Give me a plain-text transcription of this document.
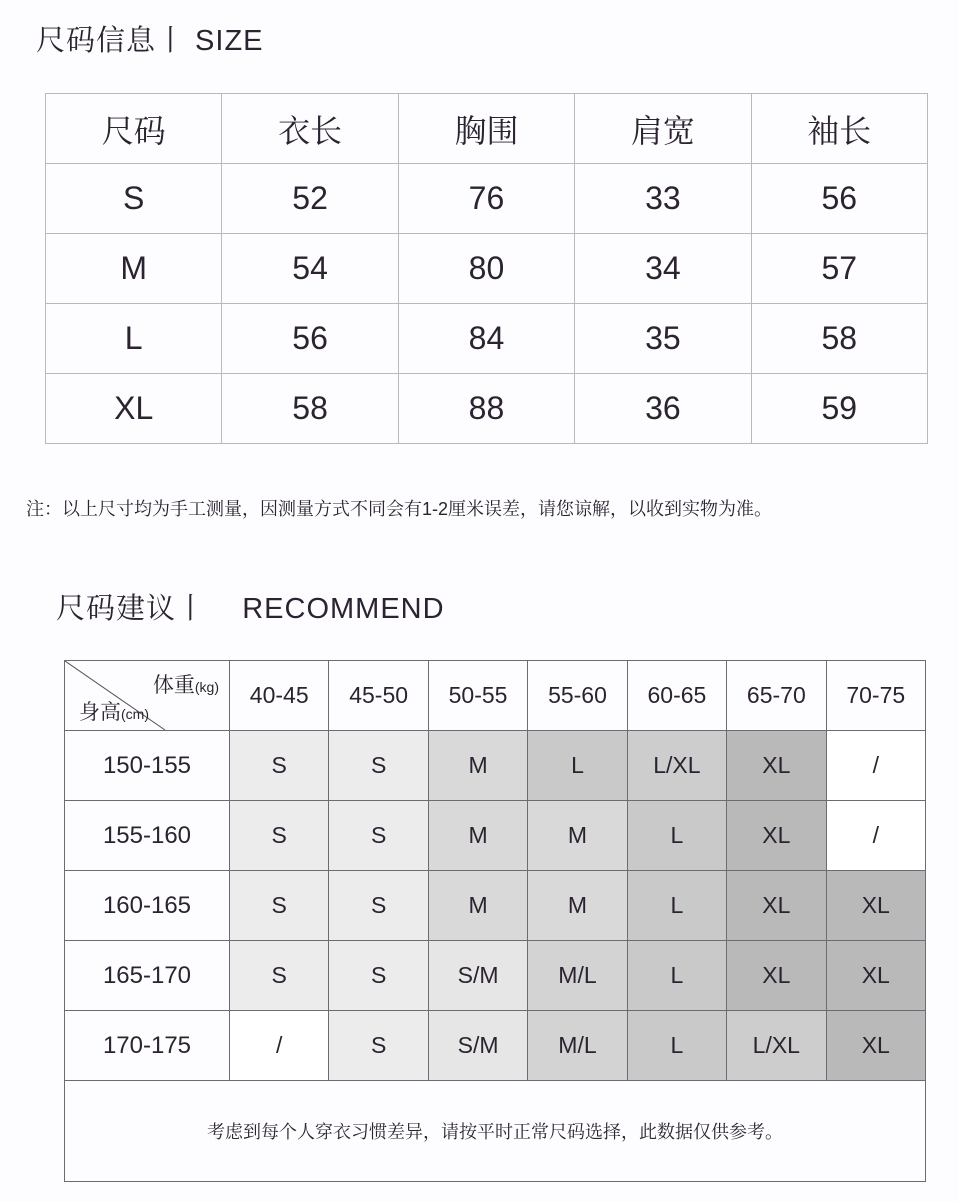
尺码信息丨 SIZE
尺码	衣长	胸围	肩宽	袖长
S	52	76	33	56
M	54	80	34	57
L	56	84	35	58
XL	58	88	36	59
注：以上尺寸均为手工测量，因测量方式不同会有1-2厘米误差，请您谅解，以收到实物为准。
尺码建议丨    RECOMMEND
体重(kg)
身高(cm)	40-45	45-50	50-55	55-60	60-65	65-70	70-75
150-155	S	S	M	L	L/XL	XL	/
155-160	S	S	M	M	L	XL	/
160-165	S	S	M	M	L	XL	XL
165-170	S	S	S/M	M/L	L	XL	XL
170-175	/	S	S/M	M/L	L	L/XL	XL
考虑到每个人穿衣习惯差异，请按平时正常尺码选择，此数据仅供参考。							
